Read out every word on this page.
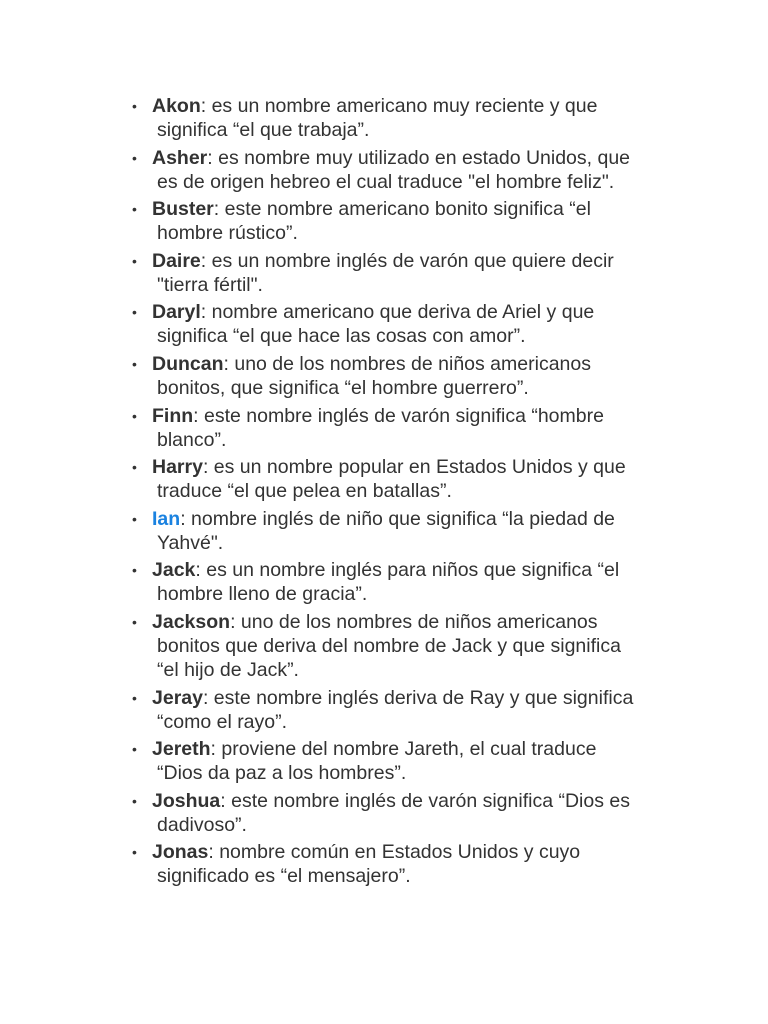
• Akon: es un nombre americano muy reciente y que
significa “el que trabaja”.
• Asher: es nombre muy utilizado en estado Unidos, que
es de origen hebreo el cual traduce "el hombre feliz".
• Buster: este nombre americano bonito significa “el
hombre rústico”.
• Daire: es un nombre inglés de varón que quiere decir
"tierra fértil".
• Daryl: nombre americano que deriva de Ariel y que
significa “el que hace las cosas con amor”.
• Duncan: uno de los nombres de niños americanos
bonitos, que significa “el hombre guerrero”.
• Finn: este nombre inglés de varón significa “hombre
blanco”.
• Harry: es un nombre popular en Estados Unidos y que
traduce “el que pelea en batallas”.
• Ian: nombre inglés de niño que significa “la piedad de
Yahvé".
• Jack: es un nombre inglés para niños que significa “el
hombre lleno de gracia”.
• Jackson: uno de los nombres de niños americanos
bonitos que deriva del nombre de Jack y que significa
“el hijo de Jack”.
• Jeray: este nombre inglés deriva de Ray y que significa
“como el rayo”.
• Jereth: proviene del nombre Jareth, el cual traduce
“Dios da paz a los hombres”.
• Joshua: este nombre inglés de varón significa “Dios es
dadivoso”.
• Jonas: nombre común en Estados Unidos y cuyo
significado es “el mensajero”.
